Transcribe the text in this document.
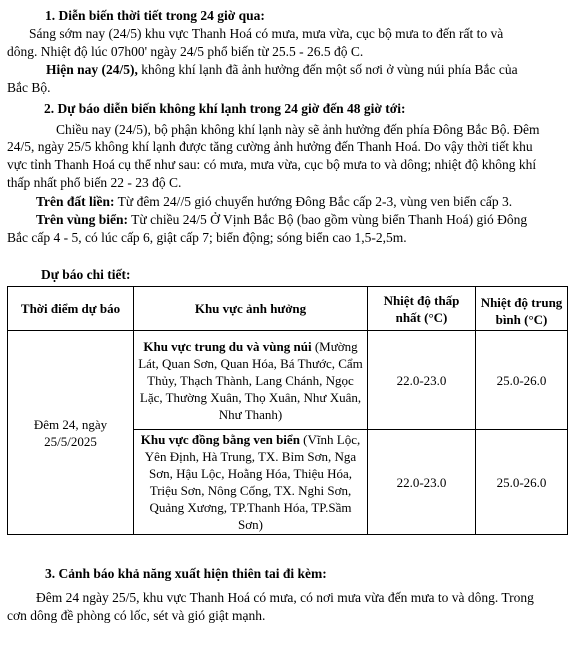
1. Diễn biến thời tiết trong 24 giờ qua:
Sáng sớm nay (24/5) khu vực Thanh Hoá có mưa, mưa vừa, cục bộ mưa to đến rất to và
dông. Nhiệt độ lúc 07h00' ngày 24/5 phổ biến từ 25.5 - 26.5 độ C.
Hiện nay (24/5), không khí lạnh đã ảnh hưởng đến một số nơi ở vùng núi phía Bắc của
Bắc Bộ.
2. Dự báo diễn biến không khí lạnh trong 24 giờ đến 48 giờ tới:
Chiều nay (24/5), bộ phận không khí lạnh này sẽ ảnh hưởng đến phía Đông Bắc Bộ. Đêm
24/5, ngày 25/5 không khí lạnh được tăng cường ảnh hưởng đến Thanh Hoá. Do vậy thời tiết khu
vực tỉnh Thanh Hoá cụ thể như sau: có mưa, mưa vừa, cục bộ mưa to và dông; nhiệt độ không khí
thấp nhất phổ biến 22 - 23 độ C.
Trên đất liền: Từ đêm 24//5 gió chuyển hướng Đông Bắc cấp 2-3, vùng ven biển cấp 3.
Trên vùng biển: Từ chiều 24/5 Ở Vịnh Bắc Bộ (bao gồm vùng biển Thanh Hoá) gió Đông
Bắc cấp 4 - 5, có lúc cấp 6, giật cấp 7; biển động; sóng biển cao 1,5-2,5m.
Dự báo chi tiết:
Thời điểm dự báo	Khu vực ảnh hưởng	Nhiệt độ thấp nhất (°C)	Nhiệt độ trung bình (°C)

Đêm 24, ngày 25/5/2025	Khu vực trung du và vùng núi (Mường Lát, Quan Sơn, Quan Hóa, Bá Thước, Cẩm Thủy, Thạch Thành, Lang Chánh, Ngọc Lặc, Thường Xuân, Thọ Xuân, Như Xuân, Như Thanh)	22.0-23.0	25.0-26.0
	Khu vực đồng bằng ven biển (Vĩnh Lộc, Yên Định, Hà Trung, TX. Bỉm Sơn, Nga Sơn, Hậu Lộc, Hoằng Hóa, Thiệu Hóa, Triệu Sơn, Nông Cống, TX. Nghi Sơn, Quảng Xương, TP.Thanh Hóa, TP.Sầm Sơn)	22.0-23.0	25.0-26.0
3. Cảnh báo khả năng xuất hiện thiên tai đi kèm:
Đêm 24 ngày 25/5, khu vực Thanh Hoá có mưa, có nơi mưa vừa đến mưa to và dông. Trong
cơn dông đề phòng có lốc, sét và gió giật mạnh.
